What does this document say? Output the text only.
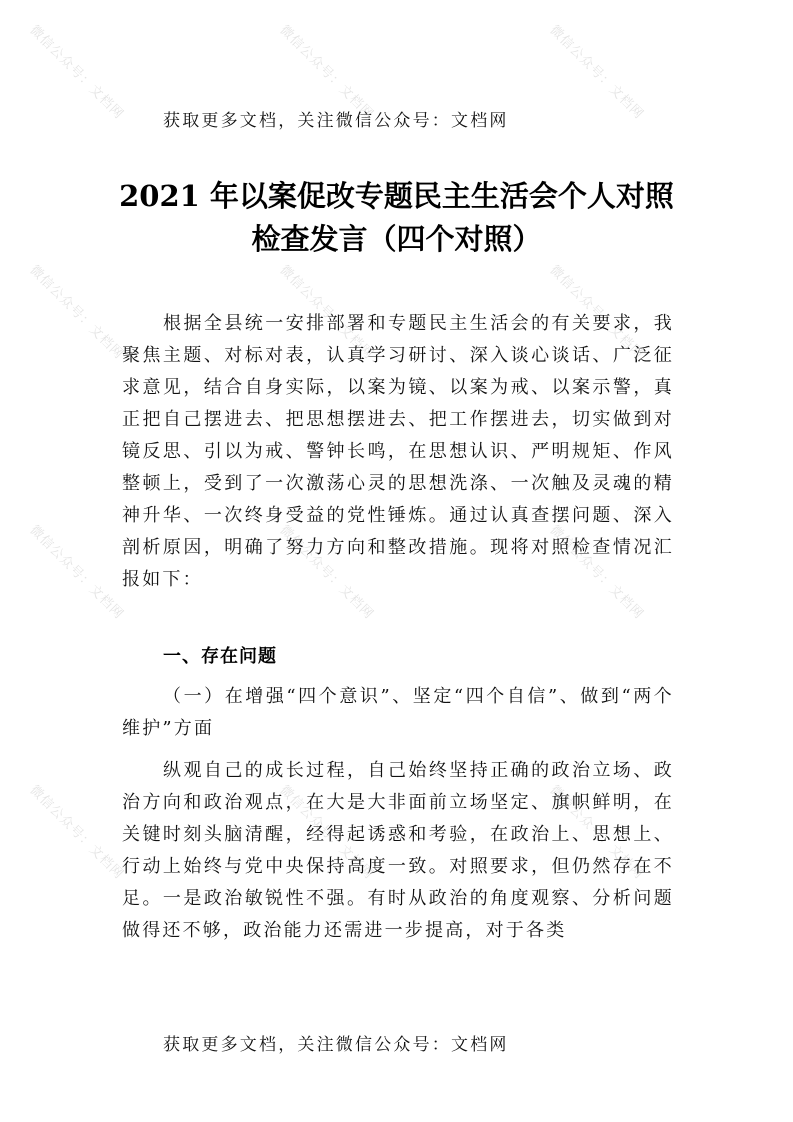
微信公众号：文档网	微信公众号：文档网	微信公众号：文档网
微信公众号：文档网	微信公众号：文档网	微信公众号：文档网
微信公众号：文档网	微信公众号：文档网	微信公众号：文档网
微信公众号：文档网	微信公众号：文档网	微信公众号：文档网
获取更多文档，关注微信公众号：文档网
2021 年以案促改专题民主生活会个人对照
检查发言（四个对照）
根据全县统一安排部署和专题民主生活会的有关要求，我聚焦主题、对标对表，认真学习研讨、深入谈心谈话、广泛征求意见，结合自身实际，以案为镜、以案为戒、以案示警，真正把自己摆进去、把思想摆进去、把工作摆进去，切实做到对镜反思、引以为戒、警钟长鸣，在思想认识、严明规矩、作风整顿上，受到了一次激荡心灵的思想洗涤、一次触及灵魂的精神升华、一次终身受益的党性锤炼。通过认真查摆问题、深入剖析原因，明确了努力方向和整改措施。现将对照检查情况汇报如下：
一、存在问题
（一）在增强“四个意识”、坚定“四个自信”、做到“两个维护”方面
纵观自己的成长过程，自己始终坚持正确的政治立场、政治方向和政治观点，在大是大非面前立场坚定、旗帜鲜明，在关键时刻头脑清醒，经得起诱惑和考验，在政治上、思想上、行动上始终与党中央保持高度一致。对照要求，但仍然存在不足。一是政治敏锐性不强。有时从政治的角度观察、分析问题做得还不够，政治能力还需进一步提高，对于各类
获取更多文档，关注微信公众号：文档网
